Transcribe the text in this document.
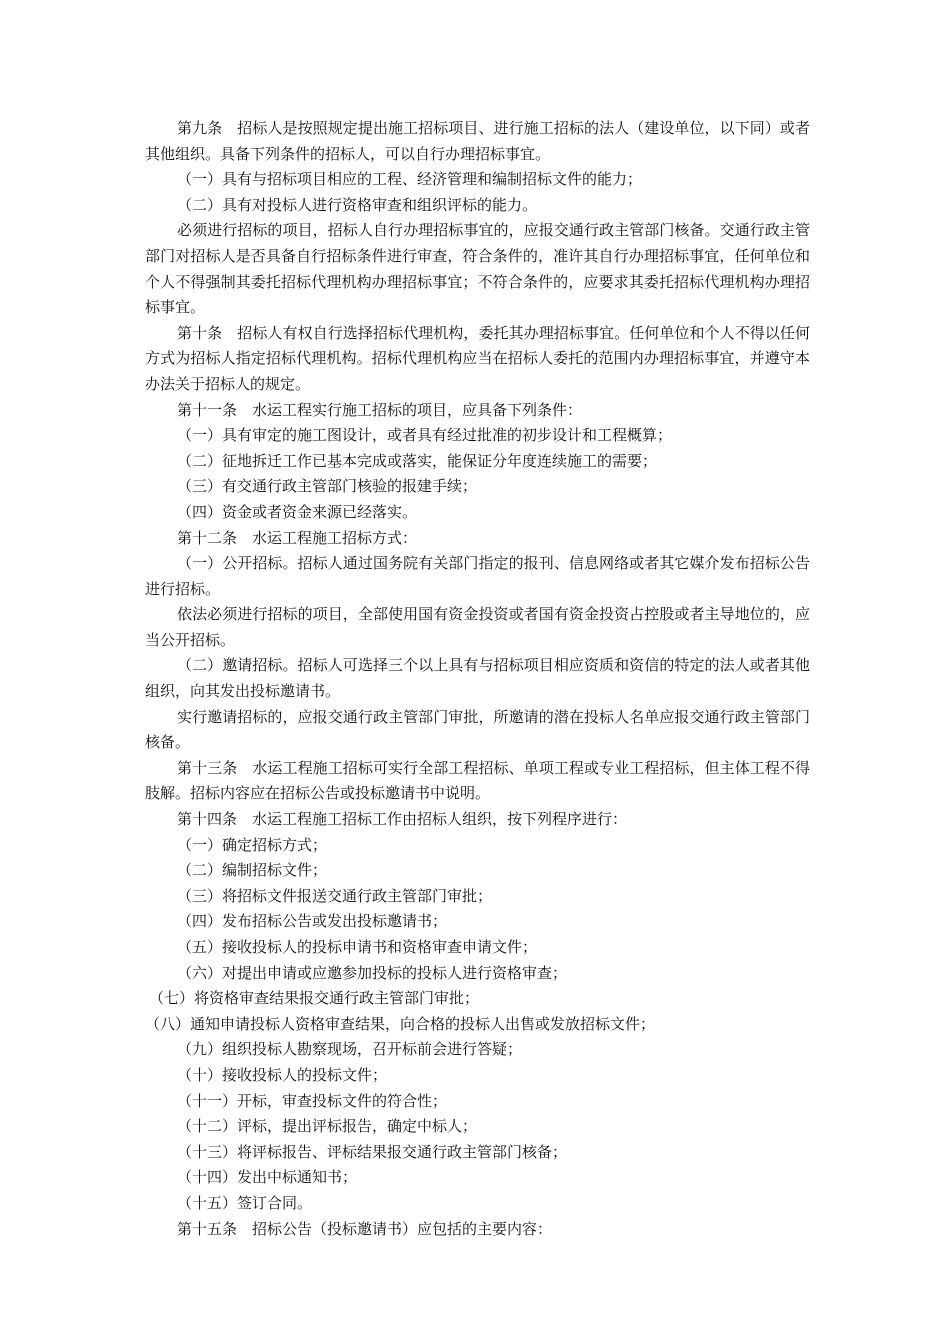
第九条　招标人是按照规定提出施工招标项目、进行施工招标的法人（建设单位，以下同）或者其他组织。具备下列条件的招标人，可以自行办理招标事宜。

（一）具有与招标项目相应的工程、经济管理和编制招标文件的能力；

（二）具有对投标人进行资格审查和组织评标的能力。

必须进行招标的项目，招标人自行办理招标事宜的，应报交通行政主管部门核备。交通行政主管部门对招标人是否具备自行招标条件进行审查，符合条件的，准许其自行办理招标事宜，任何单位和个人不得强制其委托招标代理机构办理招标事宜；不符合条件的，应要求其委托招标代理机构办理招标事宜。

第十条　招标人有权自行选择招标代理机构，委托其办理招标事宜。任何单位和个人不得以任何方式为招标人指定招标代理机构。招标代理机构应当在招标人委托的范围内办理招标事宜，并遵守本办法关于招标人的规定。

第十一条　水运工程实行施工招标的项目，应具备下列条件：

（一）具有审定的施工图设计，或者具有经过批准的初步设计和工程概算；

（二）征地拆迁工作已基本完成或落实，能保证分年度连续施工的需要；

（三）有交通行政主管部门核验的报建手续；

（四）资金或者资金来源已经落实。

第十二条　水运工程施工招标方式：

（一）公开招标。招标人通过国务院有关部门指定的报刊、信息网络或者其它媒介发布招标公告进行招标。

依法必须进行招标的项目，全部使用国有资金投资或者国有资金投资占控股或者主导地位的，应当公开招标。

（二）邀请招标。招标人可选择三个以上具有与招标项目相应资质和资信的特定的法人或者其他组织，向其发出投标邀请书。

实行邀请招标的，应报交通行政主管部门审批，所邀请的潜在投标人名单应报交通行政主管部门核备。

第十三条　水运工程施工招标可实行全部工程招标、单项工程或专业工程招标，但主体工程不得肢解。招标内容应在招标公告或投标邀请书中说明。

第十四条　水运工程施工招标工作由招标人组织，按下列程序进行：

（一）确定招标方式；

（二）编制招标文件；

（三）将招标文件报送交通行政主管部门审批；

（四）发布招标公告或发出投标邀请书；

（五）接收投标人的投标申请书和资格审查申请文件；

（六）对提出申请或应邀参加投标的投标人进行资格审查；

（七）将资格审查结果报交通行政主管部门审批；

（八）通知申请投标人资格审查结果，向合格的投标人出售或发放招标文件；

（九）组织投标人勘察现场，召开标前会进行答疑；

（十）接收投标人的投标文件；

（十一）开标，审查投标文件的符合性；

（十二）评标，提出评标报告，确定中标人；

（十三）将评标报告、评标结果报交通行政主管部门核备；

（十四）发出中标通知书；

（十五）签订合同。

第十五条　招标公告（投标邀请书）应包括的主要内容：
